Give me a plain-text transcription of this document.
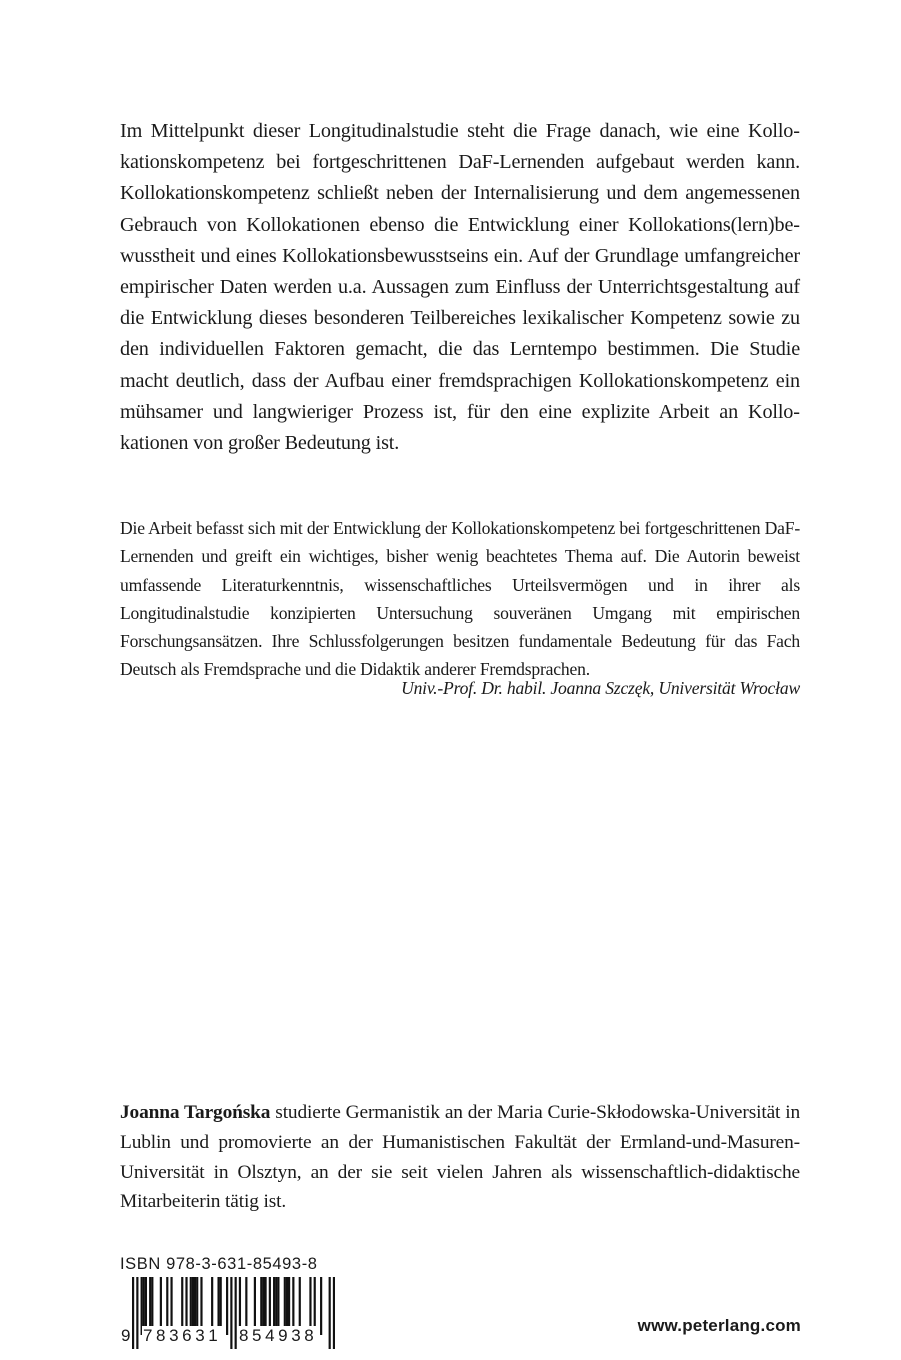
Im Mittelpunkt dieser Longitudinalstudie steht die Frage danach, wie eine Kollokationskompetenz bei fortgeschrittenen DaF-Lernenden aufgebaut werden kann. Kollokationskompetenz schließt neben der Internalisierung und dem angemessenen Gebrauch von Kollokationen ebenso die Entwicklung einer Kollokations(lern)bewusstheit und eines Kollokationsbewusstseins ein. Auf der Grundlage umfangreicher empirischer Daten werden u.a. Aussagen zum Einfluss der Unterrichtsgestaltung auf die Entwicklung dieses besonderen Teilbereiches lexikalischer Kompetenz sowie zu den individuellen Faktoren gemacht, die das Lerntempo bestimmen. Die Studie macht deutlich, dass der Aufbau einer fremdsprachigen Kollokationskompetenz ein mühsamer und langwieriger Prozess ist, für den eine explizite Arbeit an Kollokationen von großer Bedeutung ist.

Die Arbeit befasst sich mit der Entwicklung der Kollokationskompetenz bei fortgeschrittenen DaF-Lernenden und greift ein wichtiges, bisher wenig beachtetes Thema auf. Die Autorin beweist umfassende Literaturkenntnis, wissenschaftliches Urteilsvermögen und in ihrer als Longitudinalstudie konzipierten Untersuchung souveränen Umgang mit empirischen Forschungsansätzen. Ihre Schlussfolgerungen besitzen fundamentale Bedeutung für das Fach Deutsch als Fremdsprache und die Didaktik anderer Fremdsprachen.

Univ.-Prof. Dr. habil. Joanna Szczęk, Universität Wrocław

Joanna Targońska studierte Germanistik an der Maria Curie-Skłodowska-Universität in Lublin und promovierte an der Humanistischen Fakultät der Ermland-und-Masuren-Universität in Olsztyn, an der sie seit vielen Jahren als wissenschaftlich-didaktische Mitarbeiterin tätig ist.

ISBN 978-3-631-85493-8
9 783631 854938
www.peterlang.com
